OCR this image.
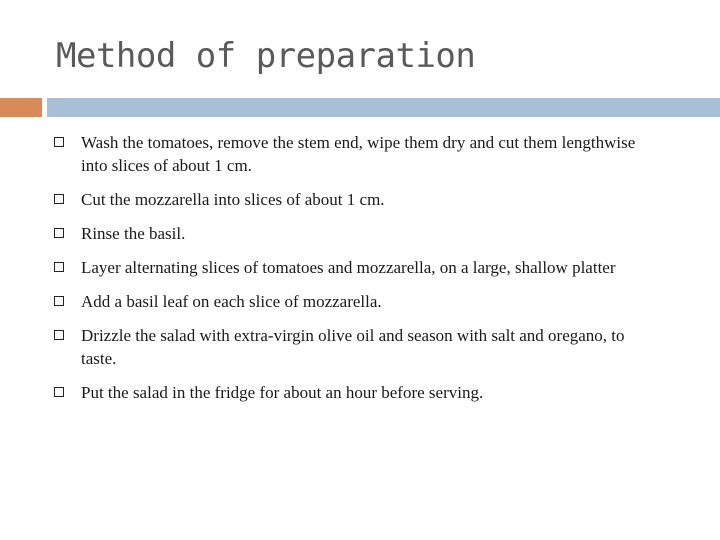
Method of preparation
Wash the tomatoes, remove the stem end, wipe them dry and cut them lengthwise into slices of about 1 cm.
Cut the mozzarella into slices of about 1 cm.
Rinse the basil.
Layer alternating slices of tomatoes and mozzarella, on a large, shallow platter
Add a basil leaf on each slice of mozzarella.
Drizzle the salad with extra-virgin olive oil and season with salt and oregano, to taste.
Put the salad in the fridge for about an hour before serving.
